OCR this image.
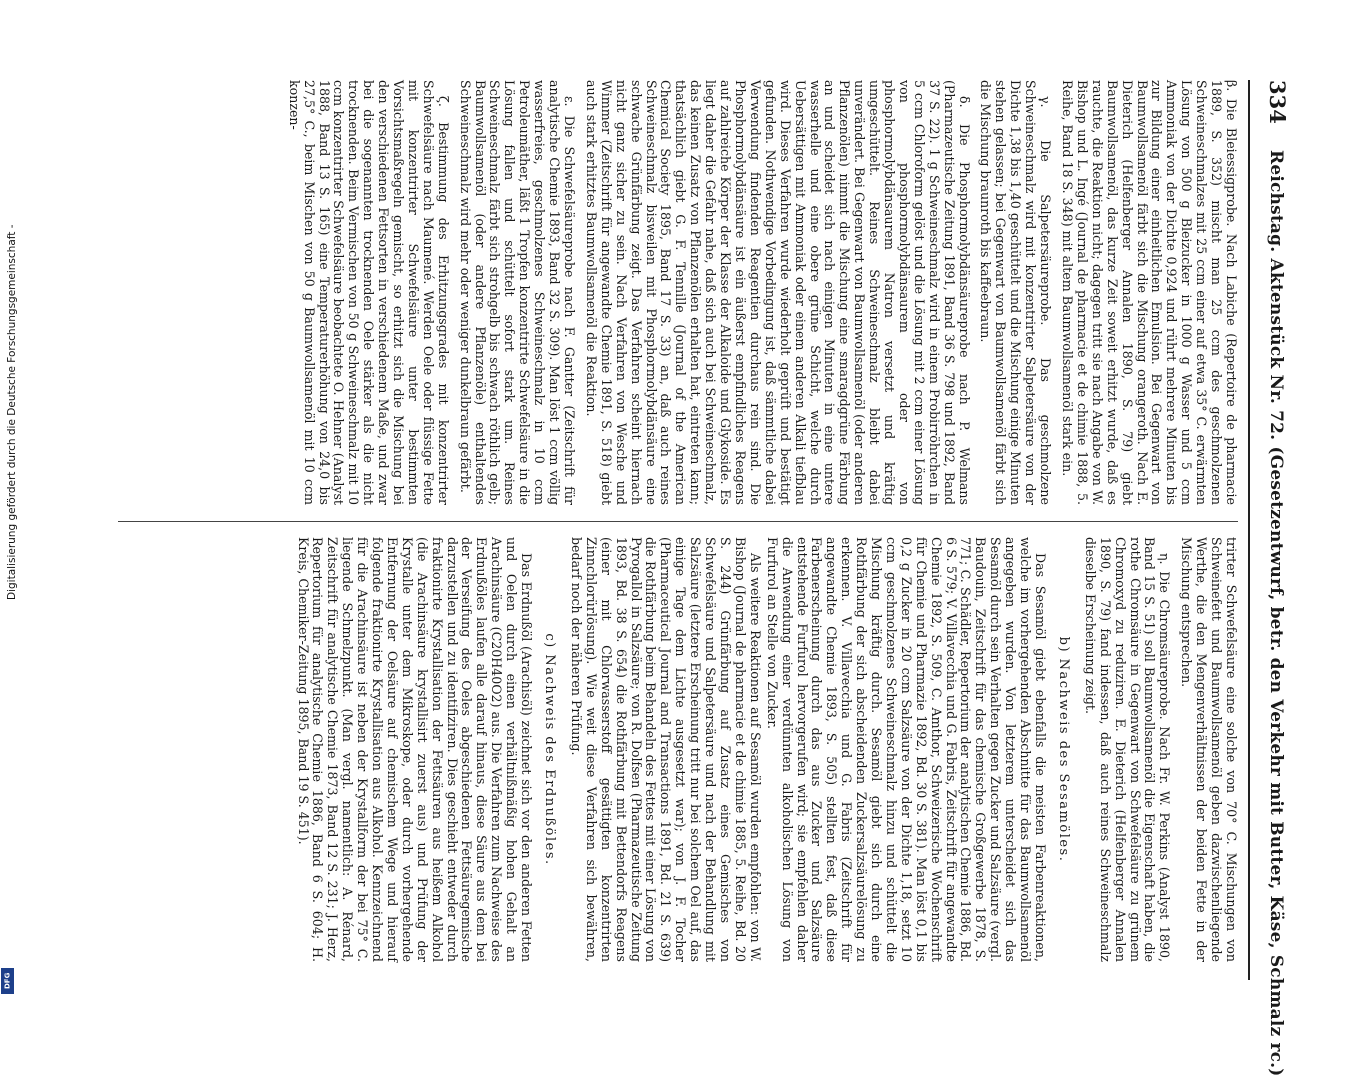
334
Reichstag. Aktenstück Nr. 72. (Gesetzentwurf, betr. den Verkehr mit Butter, Käse, Schmalz rc.)

β. Die Bleiessigprobe. Nach Labiche (Repertoire de pharmacie 1889, S. 352) mischt man 25 ccm des geschmolzenen Schweineschmalzes mit 25 ccm einer auf etwa 35° C. erwärmten Lösung von 500 g Bleizucker in 1000 g Wasser und 5 ccm Ammoniak von der Dichte 0,924 und rührt mehrere Minuten bis zur Bildung einer einheitlichen Emulsion. Bei Gegenwart von Baumwollsamenöl färbt sich die Mischung orangeroth. Nach E. Dieterich (Helfenberger Annalen 1890, S. 79) giebt Baumwollsamenöl, das kurze Zeit soweit erhitzt wurde, daß es rauchte, die Reaktion nicht; dagegen tritt sie nach Angabe von W. Bishop und L. Ingé (Journal de pharmacie et de chimie 1888, 5. Reihe, Band 18 S. 348) mit altem Baumwollsamenöl stark ein.

γ. Die Salpetersäureprobe. Das geschmolzene Schweineschmalz wird mit konzentrirter Salpetersäure von der Dichte 1,38 bis 1,40 geschüttelt und die Mischung einige Minuten stehen gelassen; bei Gegenwart von Baumwollsamenöl färbt sich die Mischung braunroth bis kaffeebraun.

δ. Die Phosphormolybdänsäureprobe nach P. Welmans (Pharmazeutische Zeitung 1891, Band 36 S. 798 und 1892, Band 37 S. 22). 1 g Schweineschmalz wird in einem Probirröhrchen in 5 ccm Chloroform gelöst und die Lösung mit 2 ccm einer Lösung von phosphormolybdänsaurem oder von phosphormolybdänsaurem Natron versetzt und kräftig umgeschüttelt. Reines Schweineschmalz bleibt dabei unverändert. Bei Gegenwart von Baumwollsamenöl (oder anderen Pflanzenölen) nimmt die Mischung eine smaragdgrüne Färbung an und scheidet sich nach einigen Minuten in eine untere wasserhelle und eine obere grüne Schicht, welche durch Uebersättigen mit Ammoniak oder einem anderen Alkali tiefblau wird. Dieses Verfahren wurde wiederholt geprüft und bestätigt gefunden. Nothwendige Vorbedingung ist, daß sämmtliche dabei Verwendung findenden Reagentien durchaus rein sind. Die Phosphormolybdänsäure ist ein äußerst empfindliches Reagens auf zahlreiche Körper der Klasse der Alkaloide und Glykoside. Es liegt daher die Gefahr nahe, daß sich auch bei Schweineschmalz, das keinen Zusatz von Pflanzenölen erhalten hat, eintreten kann; thatsächlich giebt G. F. Tennille (Journal of the American Chemical Society 1895, Band 17 S. 33) an, daß auch reines Schweineschmalz bisweilen mit Phosphormolybdänsäure eine schwache Grünfärbung zeigt. Das Verfahren scheint hiernach nicht ganz sicher zu sein. Nach Verfahren von Wesche und Wimmer (Zeitschrift für angewandte Chemie 1891, S. 518) giebt auch stark erhitztes Baumwollsamenöl die Reaktion.

ε. Die Schwefelsäureprobe nach F. Gantter (Zeitschrift für analytische Chemie 1893, Band 32 S. 309). Man löst 1 ccm völlig wasserfreies, geschmolzenes Schweineschmalz in 10 ccm Petroleumäther, läßt 1 Tropfen konzentrirte Schwefelsäure in die Lösung fallen und schüttelt sofort stark um. Reines Schweineschmalz färbt sich strohgelb bis schwach röthlich gelb; Baumwollsamenöl (oder andere Pflanzenöle) enthaltendes Schweineschmalz wird mehr oder weniger dunkelbraun gefärbt.

ζ. Bestimmung des Erhitzungsgrades mit konzentrirter Schwefelsäure nach Maumené. Werden Oele oder flüssige Fette mit konzentrirter Schwefelsäure unter bestimmten Vorsichtsmaßregeln gemischt, so erhitzt sich die Mischung bei den verschiedenen Fettsorten in verschiedenem Maße, und zwar bei die sogenannten trocknenden Oele stärker als die nicht trocknenden. Beim Vermischen von 50 g Schweineschmalz mit 10 ccm konzentrirter Schwefelsäure beobachtete O. Hehner (Analyst 1888, Band 13 S. 165) eine Temperaturerhöhung von 24,0 bis 27,5° C., beim Mischen von 50 g Baumwollsamenöl mit 10 ccm konzen-

trirter Schwefelsäure eine solche von 70° C. Mischungen von Schweinefett und Baumwollsamenöl geben dazwischenliegende Werthe, die den Mengenverhältnissen der beiden Fette in der Mischung entsprechen.

η. Die Chromsäureprobe. Nach Fr. W. Perkins (Analyst 1890, Band 15 S. 51) soll Baumwollsamenöl die Eigenschaft haben, die rothe Chromsäure in Gegenwart von Schwefelsäure zu grünem Chromoxyd zu reduziren. E. Dieterich (Helfenberger Annalen 1890, S. 79) fand indessen, daß auch reines Schweineschmalz dieselbe Erscheinung zeigt.

b) Nachweis des Sesamöles.

Das Sesamöl giebt ebenfalls die meisten Farbenreaktionen, welche im vorhergehenden Abschnitte für das Baumwollsamenöl angegeben wurden. Von letzterem unterscheidet sich das Sesamöl durch sein Verhalten gegen Zucker und Salzsäure (vergl. Baudouin, Zeitschrift für das chemische Großgewerbe 1878, S. 771; C. Schädler, Repertorium der analytischen Chemie 1886, Bd. 6 S. 579; V. Villavecchia und G. Fabris, Zeitschrift für angewandte Chemie 1892, S. 509, C. Amthor, Schweizerische Wochenschrift für Chemie und Pharmazie 1892, Bd. 30 S. 381). Man löst 0,1 bis 0,2 g Zucker in 20 ccm Salzsäure von der Dichte 1,18, setzt 10 ccm geschmolzenes Schweineschmalz hinzu und schüttelt die Mischung kräftig durch. Sesamöl giebt sich durch eine Rothfärbung der sich abscheidenden Zuckersalzsäurelösung zu erkennen. V. Villavecchia und G. Fabris (Zeitschrift für angewandte Chemie 1893, S. 505) stellten fest, daß diese Farbenerscheinung durch das aus Zucker und Salzsäure entstehende Furfurol hervorgerufen wird; sie empfehlen daher die Anwendung einer verdünnten alkoholischen Lösung von Furfurol an Stelle von Zucker.

Als weitere Reaktionen auf Sesamöl wurden empfohlen: von W. Bishop (Journal de pharmacie et de chimie 1885, 5. Reihe, Bd. 20 S. 244) Grünfärbung auf Zusatz eines Gemisches von Schwefelsäure und Salpetersäure und nach der Behandlung mit Salzsäure (letztere Erscheinung tritt nur bei solchem Oel auf, das einige Tage dem Lichte ausgesetzt war); von J. F. Tocher (Pharmaceutical Journal and Transactions 1891, Bd. 21 S. 639) die Rothfärbung beim Behandeln des Fettes mit einer Lösung von Pyrogallol in Salzsäure; von R. Dolfsen (Pharmazeutische Zeitung 1893, Bd. 38 S. 654) die Rothfärbung mit Bettendorfs Reagens (einer mit Chlorwasserstoff gesättigten konzentrirten Zinnchlorürlösung). Wie weit diese Verfahren sich bewähren, bedarf noch der näheren Prüfung.

c) Nachweis des Erdnußöles.

Das Erdnußöl (Arachisöl) zeichnet sich vor den anderen Fetten und Oelen durch einen verhältnißmäßig hohen Gehalt an Arachinsäure (C20H40O2) aus. Die Verfahren zum Nachweise des Erdnußöles laufen alle darauf hinaus, diese Säure aus dem bei der Verseifung des Oeles abgeschiedenen Fettsäuregemische darzustellen und zu identifiziren. Dies geschieht entweder durch fraktionirte Krystallisation der Fettsäuren aus heißem Alkohol (die Arachinsäure krystallisirt zuerst aus) und Prüfung der Krystalle unter dem Mikroskope, oder durch vorhergehende Entfernung der Oelsäure auf chemischem Wege und hierauf folgende fraktionirte Krystallisation aus Alkohol. Kennzeichnend für die Arachinsäure ist neben der Krystallform der bei 75° C. liegende Schmelzpunkt. (Man vergl. namentlich: A. Rénard, Zeitschrift für analytische Chemie 1873, Band 12 S. 231; J. Herz, Repertorium für analytische Chemie 1886, Band 6 S. 604; H. Kreis, Chemiker-Zeitung 1895, Band 19 S. 451).

Digitalisierung gefördert durch die Deutsche Forschungsgemeinschaft -
DFG
